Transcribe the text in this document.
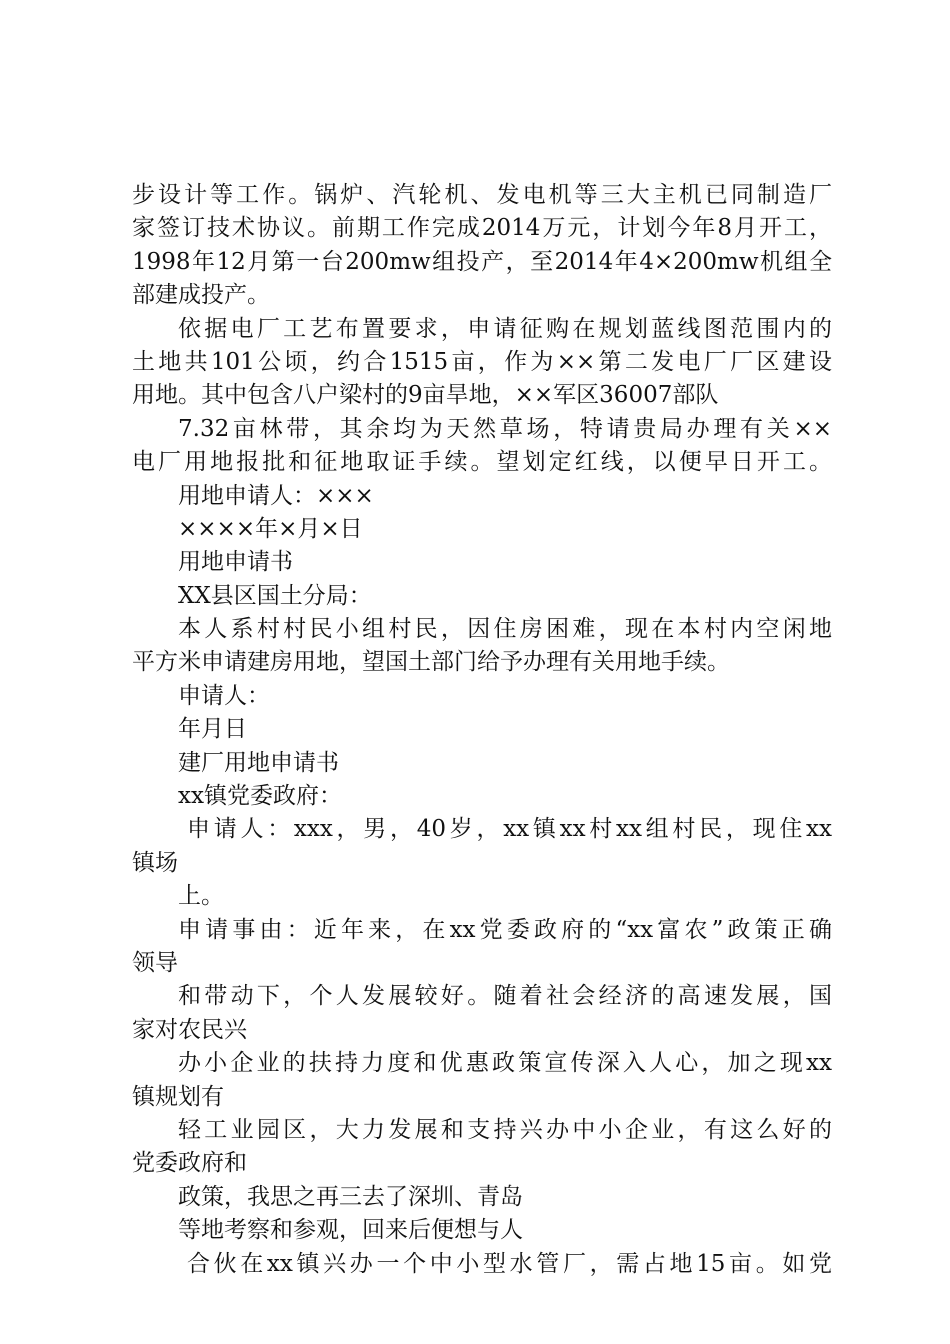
步设计等工作。锅炉、汽轮机、发电机等三大主机已同制造厂
家签订技术协议。前期工作完成2014万元，计划今年8月开工，
1998年12月第一台200mw组投产，至2014年4×200mw机组全
部建成投产。
依据电厂工艺布置要求，申请征购在规划蓝线图范围内的
土地共101公顷，约合1515亩，作为××第二发电厂厂区建设
用地。其中包含八户梁村的9亩旱地，××军区36007部队
7.32亩林带，其余均为天然草场，特请贵局办理有关××
电厂用地报批和征地取证手续。望划定红线，以便早日开工。
用地申请人：×××
××××年×月×日
用地申请书
XX县区国土分局：
本人系村村民小组村民，因住房困难，现在本村内空闲地
平方米申请建房用地，望国土部门给予办理有关用地手续。
申请人：
年月日
建厂用地申请书
xx镇党委政府：
申请人：xxx，男，40岁，xx镇xx村xx组村民，现住xx
镇场
上。
申请事由：近年来，在xx党委政府的“xx富农”政策正确
领导
和带动下，个人发展较好。随着社会经济的高速发展，国
家对农民兴
办小企业的扶持力度和优惠政策宣传深入人心，加之现xx
镇规划有
轻工业园区，大力发展和支持兴办中小企业，有这么好的
党委政府和
政策，我思之再三去了深圳、青岛
等地考察和参观，回来后便想与人
合伙在xx镇兴办一个中小型水管厂，需占地15亩。如党
